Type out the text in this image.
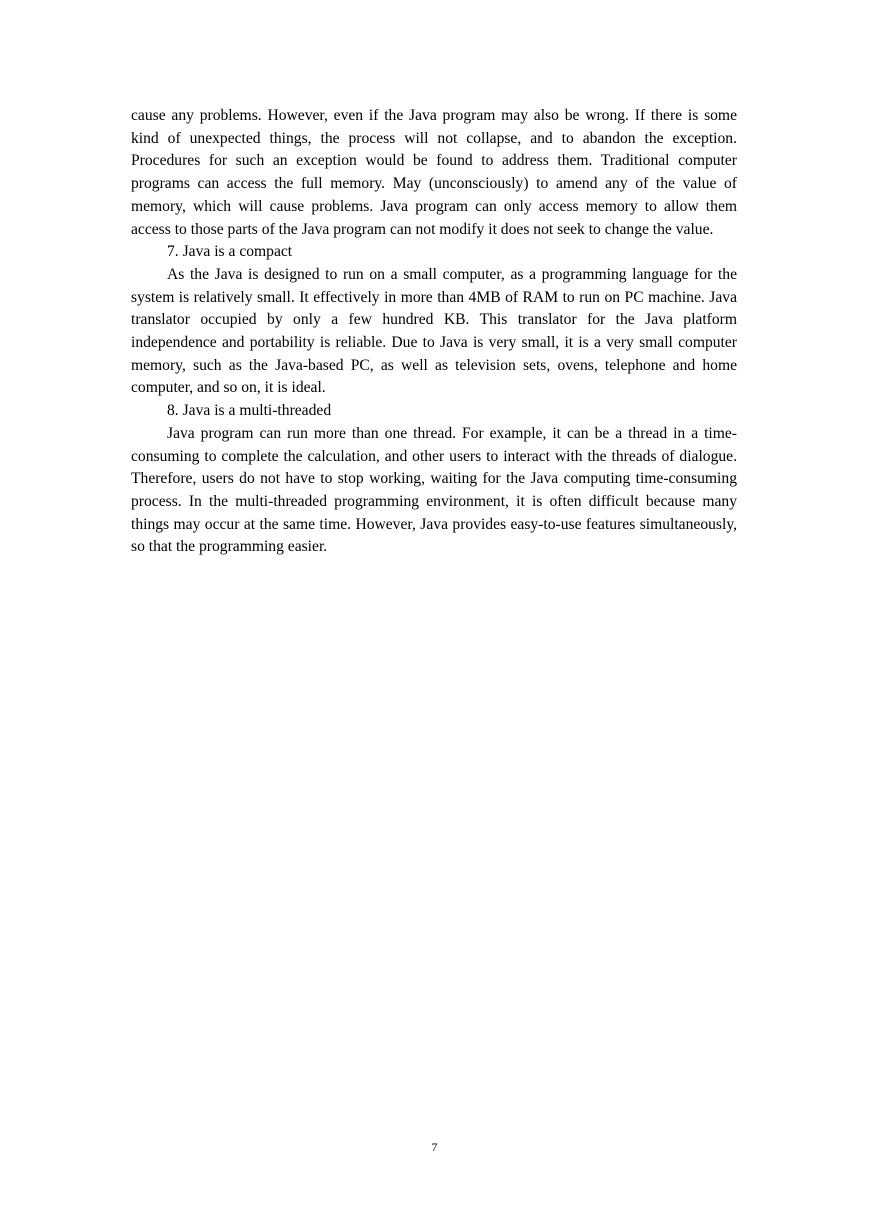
cause any problems. However, even if the Java program may also be wrong. If there is some kind of unexpected things, the process will not collapse, and to abandon the exception. Procedures for such an exception would be found to address them. Traditional computer programs can access the full memory. May (unconsciously) to amend any of the value of memory, which will cause problems. Java program can only access memory to allow them access to those parts of the Java program can not modify it does not seek to change the value.

7. Java is a compact

As the Java is designed to run on a small computer, as a programming language for the system is relatively small. It effectively in more than 4MB of RAM to run on PC machine. Java translator occupied by only a few hundred KB. This translator for the Java platform independence and portability is reliable. Due to Java is very small, it is a very small computer memory, such as the Java-based PC, as well as television sets, ovens, telephone and home computer, and so on, it is ideal.

8. Java is a multi-threaded

Java program can run more than one thread. For example, it can be a thread in a time-consuming to complete the calculation, and other users to interact with the threads of dialogue. Therefore, users do not have to stop working, waiting for the Java computing time-consuming process. In the multi-threaded programming environment, it is often difficult because many things may occur at the same time. However, Java provides easy-to-use features simultaneously, so that the programming easier.

7
